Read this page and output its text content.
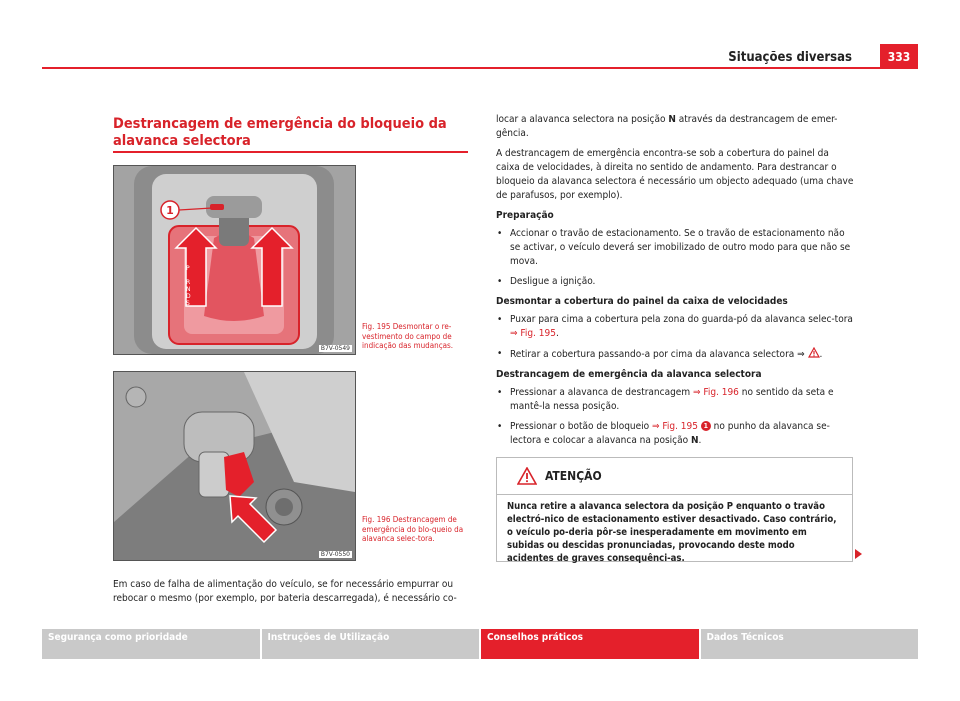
Situações diversas	333
Destrancagem de emergência do bloqueio da alavanca selectora
1
P
R
N
D
S
B7V-0549
Fig. 195 Desmontar o re-vestimento do campo de indicação das mudanças.
B7V-0550
Fig. 196 Destrancagem de emergência do blo-queio da alavanca selec-tora.
Em caso de falha de alimentação do veículo, se for necessário empurrar ou rebocar o mesmo (por exemplo, por bateria descarregada), é necessário co-

locar a alavanca selectora na posição N através da destrancagem de emer-gência.

A destrancagem de emergência encontra-se sob a cobertura do painel da caixa de velocidades, à direita no sentido de andamento. Para destrancar o bloqueio da alavanca selectora é necessário um objecto adequado (uma chave de parafusos, por exemplo).

Preparação

• Accionar o travão de estacionamento. Se o travão de estacionamento não se activar, o veículo deverá ser imobilizado de outro modo para que não se mova.

• Desligue a ignição.

Desmontar a cobertura do painel da caixa de velocidades

• Puxar para cima a cobertura pela zona do guarda-pó da alavanca selec-tora ⇒ Fig. 195.

• Retirar a cobertura passando-a por cima da alavanca selectora ⇒ .

Destrancagem de emergência da alavanca selectora

• Pressionar a alavanca de destrancagem ⇒ Fig. 196 no sentido da seta e mantê-la nessa posição.

• Pressionar o botão de bloqueio ⇒ Fig. 195 1 no punho da alavanca se-lectora e colocar a alavanca na posição N.

ATENÇÃO
Nunca retire a alavanca selectora da posição P enquanto o travão electró-nico de estacionamento estiver desactivado. Caso contrário, o veículo po-deria pôr-se inesperadamente em movimento em subidas ou descidas pronunciadas, provocando deste modo acidentes de graves consequênci-as.
Segurança como prioridade	Instruções de Utilização	Conselhos práticos	Dados Técnicos
